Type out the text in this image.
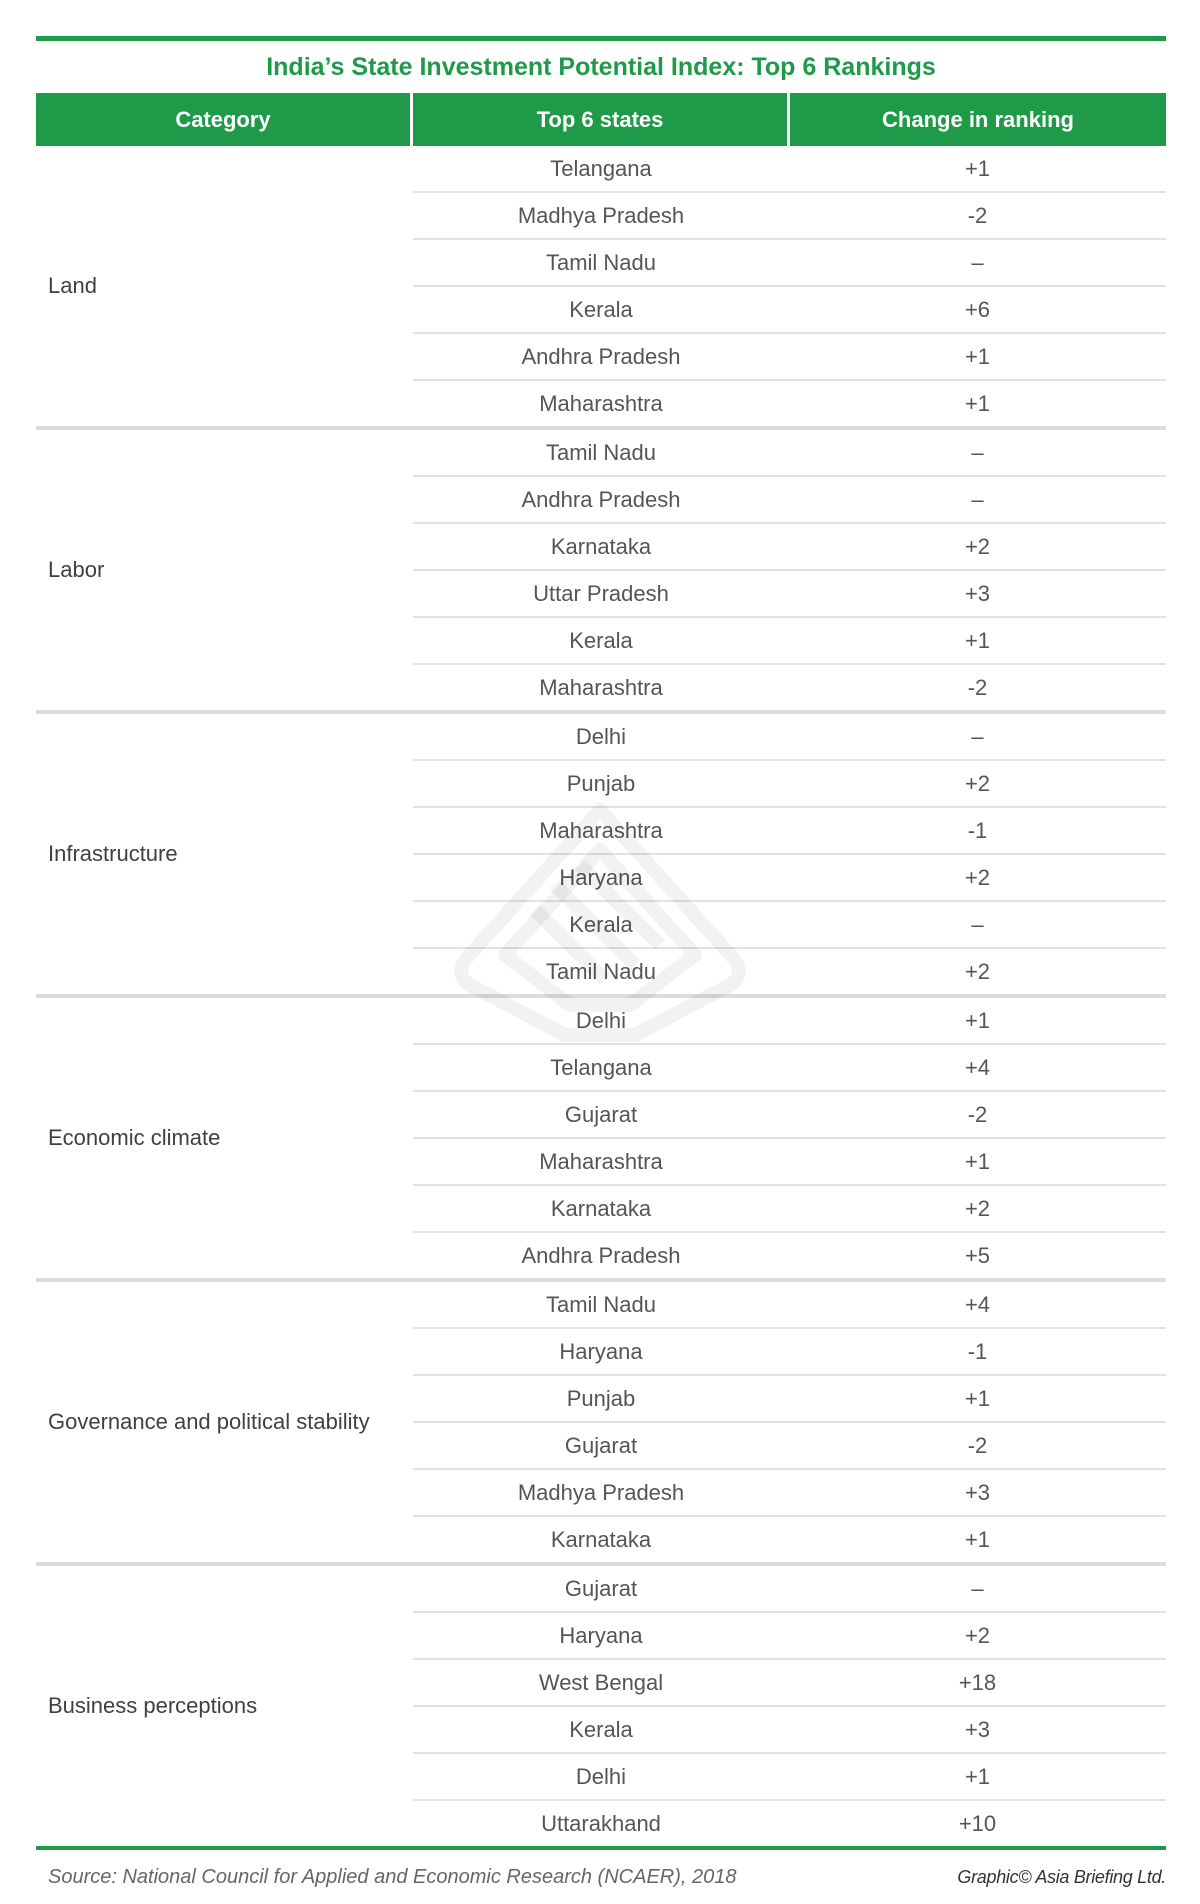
India’s State Investment Potential Index: Top 6 Rankings
Category	Top 6 states	Change in ranking
Land
Telangana	+1
Madhya Pradesh	-2
Tamil Nadu	–
Kerala	+6
Andhra Pradesh	+1
Maharashtra	+1
Labor
Tamil Nadu	–
Andhra Pradesh	–
Karnataka	+2
Uttar Pradesh	+3
Kerala	+1
Maharashtra	-2
Infrastructure
Delhi	–
Punjab	+2
Maharashtra	-1
Haryana	+2
Kerala	–
Tamil Nadu	+2
Economic climate
Delhi	+1
Telangana	+4
Gujarat	-2
Maharashtra	+1
Karnataka	+2
Andhra Pradesh	+5
Governance and political stability
Tamil Nadu	+4
Haryana	-1
Punjab	+1
Gujarat	-2
Madhya Pradesh	+3
Karnataka	+1
Business perceptions
Gujarat	–
Haryana	+2
West Bengal	+18
Kerala	+3
Delhi	+1
Uttarakhand	+10
Source: National Council for Applied and Economic Research (NCAER), 2018	Graphic© Asia Briefing Ltd.
